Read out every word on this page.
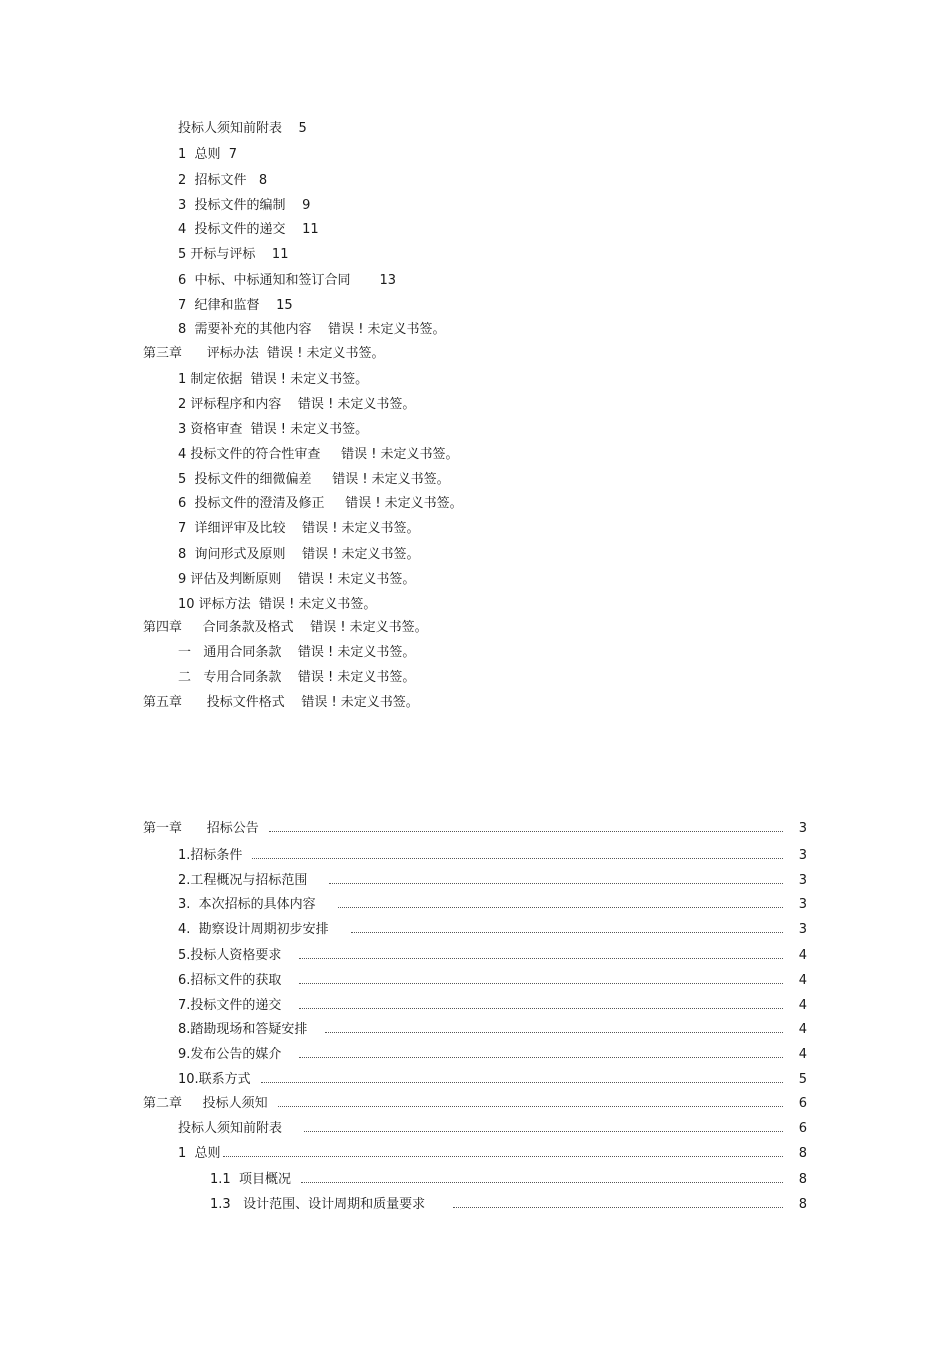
投标人须知前附表    5
1  总则  7
2  招标文件   8
3  投标文件的编制    9
4  投标文件的递交    11
5 开标与评标    11
6  中标、中标通知和签订合同       13
7  纪律和监督    15
8  需要补充的其他内容    错误 ! 未定义书签。
第三章      评标办法  错误 ! 未定义书签。
1 制定依据  错误 ! 未定义书签。
2 评标程序和内容    错误 ! 未定义书签。
3 资格审查  错误 ! 未定义书签。
4 投标文件的符合性审查     错误 ! 未定义书签。
5  投标文件的细微偏差     错误 ! 未定义书签。
6  投标文件的澄清及修正     错误 ! 未定义书签。
7  详细评审及比较    错误 ! 未定义书签。
8  询问形式及原则    错误 ! 未定义书签。
9 评估及判断原则    错误 ! 未定义书签。
10 评标方法  错误 ! 未定义书签。
第四章     合同条款及格式    错误 ! 未定义书签。
一   通用合同条款    错误 ! 未定义书签。
二   专用合同条款    错误 ! 未定义书签。
第五章      投标文件格式    错误 ! 未定义书签。
第一章      招标公告	3
1.招标条件	3
2.工程概况与招标范围	3
3.  本次招标的具体内容	3
4.  勘察设计周期初步安排	3
5.投标人资格要求	4
6.招标文件的获取	4
7.投标文件的递交	4
8.踏勘现场和答疑安排	4
9.发布公告的媒介	4
10.联系方式	5
第二章     投标人须知	6
投标人须知前附表	6
1  总则	8
1.1  项目概况	8
1.3   设计范围、设计周期和质量要求	8
